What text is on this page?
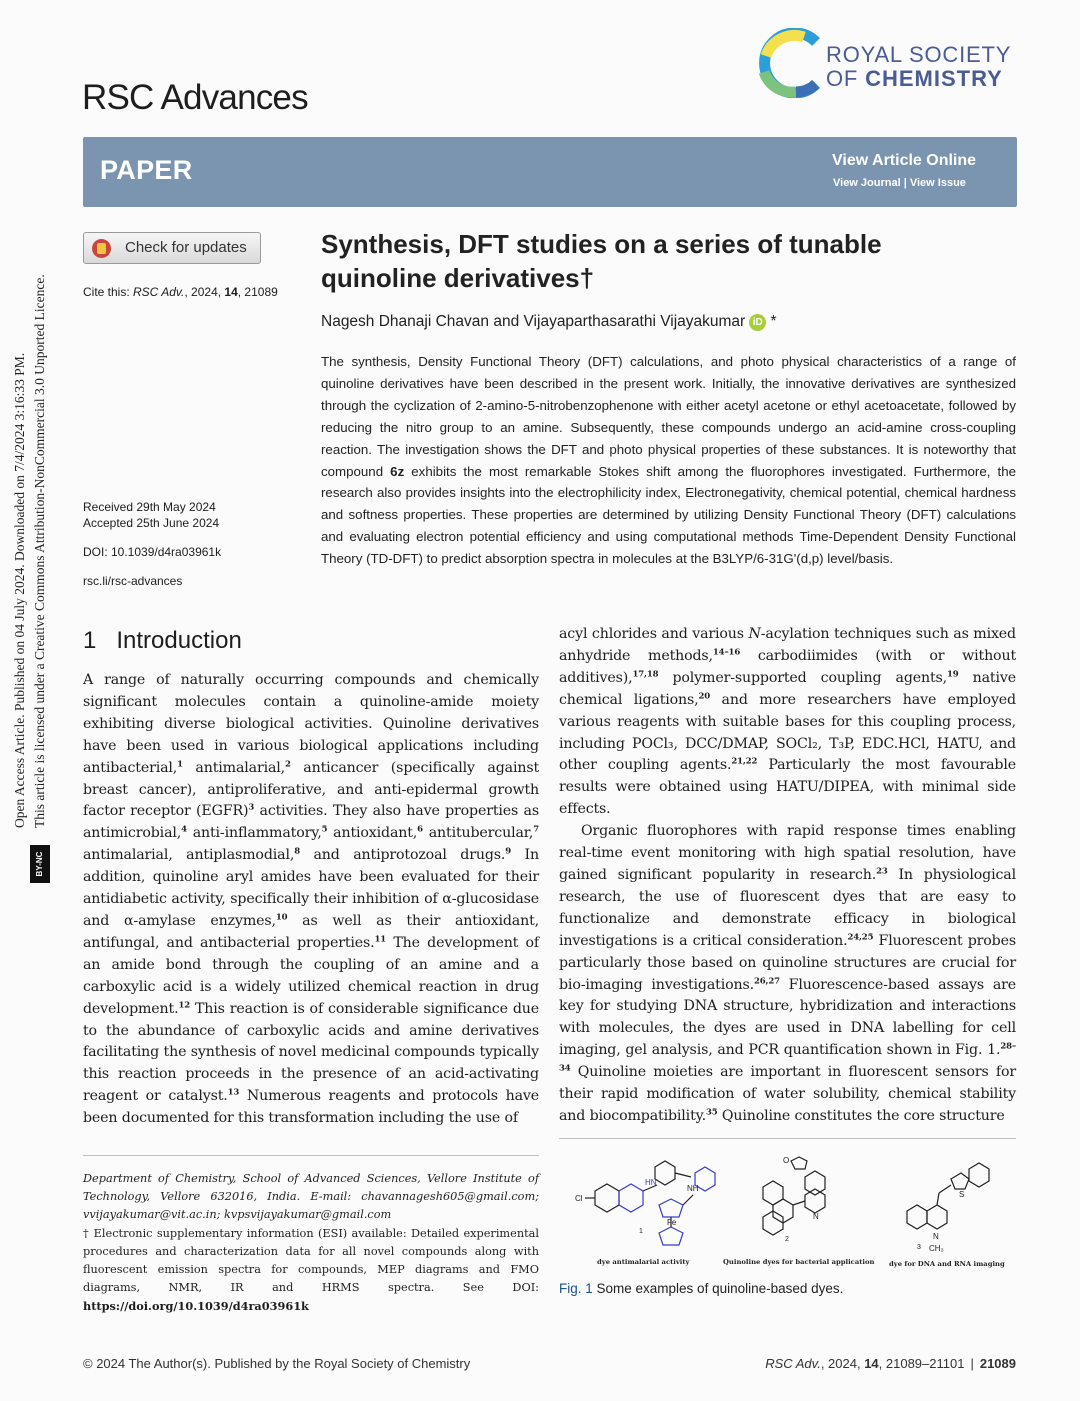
RSC Advances
ROYAL SOCIETY
OF CHEMISTRY
PAPER	View Article Online
View Journal | View Issue
Open Access Article. Published on 04 July 2024. Downloaded on 7/4/2024 3:16:33 PM. This article is licensed under a Creative Commons Attribution-NonCommercial 3.0 Unported Licence.
BY-NC
Check for updates
Cite this: RSC Adv., 2024, 14, 21089
Received 29th May 2024
Accepted 25th June 2024
DOI: 10.1039/d4ra03961k
rsc.li/rsc-advances
Synthesis, DFT studies on a series of tunable quinoline derivatives†
Nagesh Dhanaji Chavan and Vijayaparthasarathi Vijayakumar iD *
The synthesis, Density Functional Theory (DFT) calculations, and photo physical characteristics of a range of quinoline derivatives have been described in the present work. Initially, the innovative derivatives are synthesized through the cyclization of 2-amino-5-nitrobenzophenone with either acetyl acetone or ethyl acetoacetate, followed by reducing the nitro group to an amine. Subsequently, these compounds undergo an acid-amine cross-coupling reaction. The investigation shows the DFT and photo physical properties of these substances. It is noteworthy that compound 6z exhibits the most remarkable Stokes shift among the fluorophores investigated. Furthermore, the research also provides insights into the electrophilicity index, Electronegativity, chemical potential, chemical hardness and softness properties. These properties are determined by utilizing Density Functional Theory (DFT) calculations and evaluating electron potential efficiency and using computational methods Time-Dependent Density Functional Theory (TD-DFT) to predict absorption spectra in molecules at the B3LYP/6-31G'(d,p) level/basis.
1 Introduction
A range of naturally occurring compounds and chemically significant molecules contain a quinoline-amide moiety exhibiting diverse biological activities. Quinoline derivatives have been used in various biological applications including antibacterial,$^1$ antimalarial,$^2$ anticancer (specifically against breast cancer), antiproliferative, and anti-epidermal growth factor receptor (EGFR)$^3$ activities. They also have properties as antimicrobial,$^4$ anti-inflammatory,$^5$ antioxidant,$^6$ antitubercular,$^7$ antimalarial, antiplasmodial,$^8$ and antiprotozoal drugs.$^9$ In addition, quinoline aryl amides have been evaluated for their antidiabetic activity, specifically their inhibition of α-glucosidase and α-amylase enzymes,$^{10}$ as well as their antioxidant, antifungal, and antibacterial properties.$^{11}$ The development of an amide bond through the coupling of an amine and a carboxylic acid is a widely utilized chemical reaction in drug development.$^{12}$ This reaction is of considerable significance due to the abundance of carboxylic acids and amine derivatives facilitating the synthesis of novel medicinal compounds typically this reaction proceeds in the presence of an acid-activating reagent or catalyst.$^{13}$ Numerous reagents and protocols have been documented for this transformation including the use of
acyl chlorides and various N-acylation techniques such as mixed anhydride methods,$^{14-16}$ carbodiimides (with or without additives),$^{17,18}$ polymer-supported coupling agents,$^{19}$ native chemical ligations,$^{20}$ and more researchers have employed various reagents with suitable bases for this coupling process, including POCl₃, DCC/DMAP, SOCl₂, T₃P, EDC.HCl, HATU, and other coupling agents.$^{21,22}$ Particularly the most favourable results were obtained using HATU/DIPEA, with minimal side effects.
Organic fluorophores with rapid response times enabling real-time event monitoring with high spatial resolution, have gained significant popularity in research.$^{23}$ In physiological research, the use of fluorescent dyes that are easy to functionalize and demonstrate efficacy in biological investigations is a critical consideration.$^{24,25}$ Fluorescent probes particularly those based on quinoline structures are crucial for bio-imaging investigations.$^{26,27}$ Fluorescence-based assays are key for studying DNA structure, hybridization and interactions with molecules, the dyes are used in DNA labelling for cell imaging, gel analysis, and PCR quantification shown in Fig. 1.$^{28-34}$ Quinoline moieties are important in fluorescent sensors for their rapid modification of water solubility, chemical stability and biocompatibility.$^{35}$ Quinoline constitutes the core structure
Department of Chemistry, School of Advanced Sciences, Vellore Institute of Technology, Vellore 632016, India. E-mail: chavannagesh605@gmail.com; vvijayakumar@vit.ac.in; kvpsvijayakumar@gmail.com
† Electronic supplementary information (ESI) available: Detailed experimental procedures and characterization data for all novel compounds along with fluorescent emission spectra for compounds, MEP diagrams and FMO diagrams, NMR, IR and HRMS spectra. See DOI: https://doi.org/10.1039/d4ra03961k
Cl
HN
NH
Fe
O
N
N
S
CH₃
1
2
3
dye antimalarial activity	Quinoline dyes for bacterial application dye for DNA and RNA imaging
Fig. 1 Some examples of quinoline-based dyes.
© 2024 The Author(s). Published by the Royal Society of Chemistry	RSC Adv., 2024, 14, 21089–21101 | 21089
